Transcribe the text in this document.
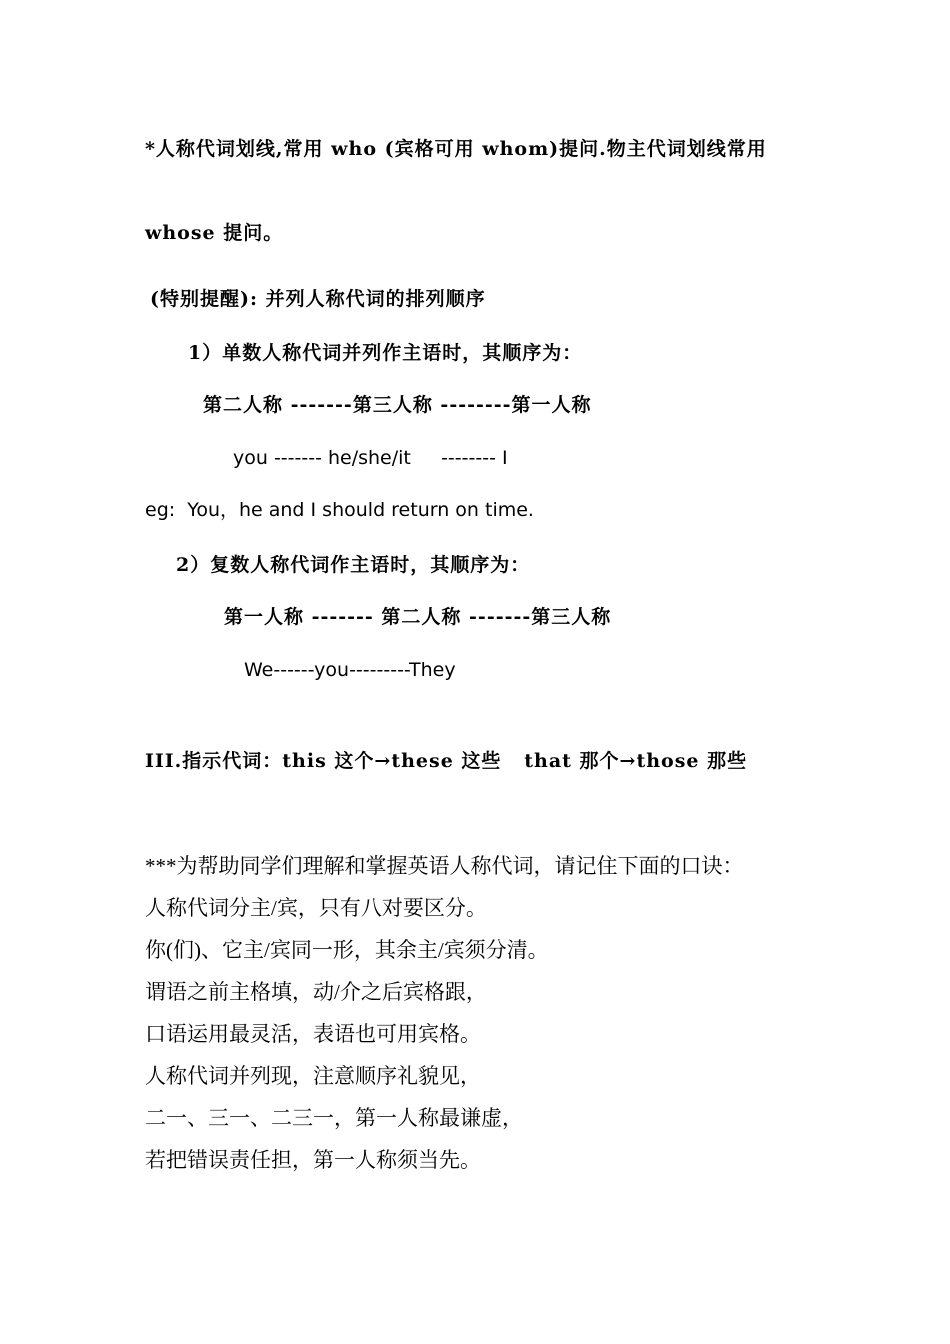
*人称代词划线,常用 who (宾格可用 whom)提问.物主代词划线常用
whose 提问。
(特别提醒): 并列人称代词的排列顺序
1）单数人称代词并列作主语时，其顺序为：
第二人称 -------第三人称 --------第一人称
you ------- he/she/it     -------- I
eg:  You，he and I should return on time.
2）复数人称代词作主语时，其顺序为：
第一人称 ------- 第二人称 -------第三人称
We------you---------They
III.指示代词：this 这个→these 这些   that 那个→those 那些
***为帮助同学们理解和掌握英语人称代词，请记住下面的口诀：
人称代词分主/宾，只有八对要区分。
你(们)、它主/宾同一形，其余主/宾须分清。
谓语之前主格填，动/介之后宾格跟，
口语运用最灵活，表语也可用宾格。
人称代词并列现，注意顺序礼貌见，
二一、三一、二三一，第一人称最谦虚，
若把错误责任担，第一人称须当先。
